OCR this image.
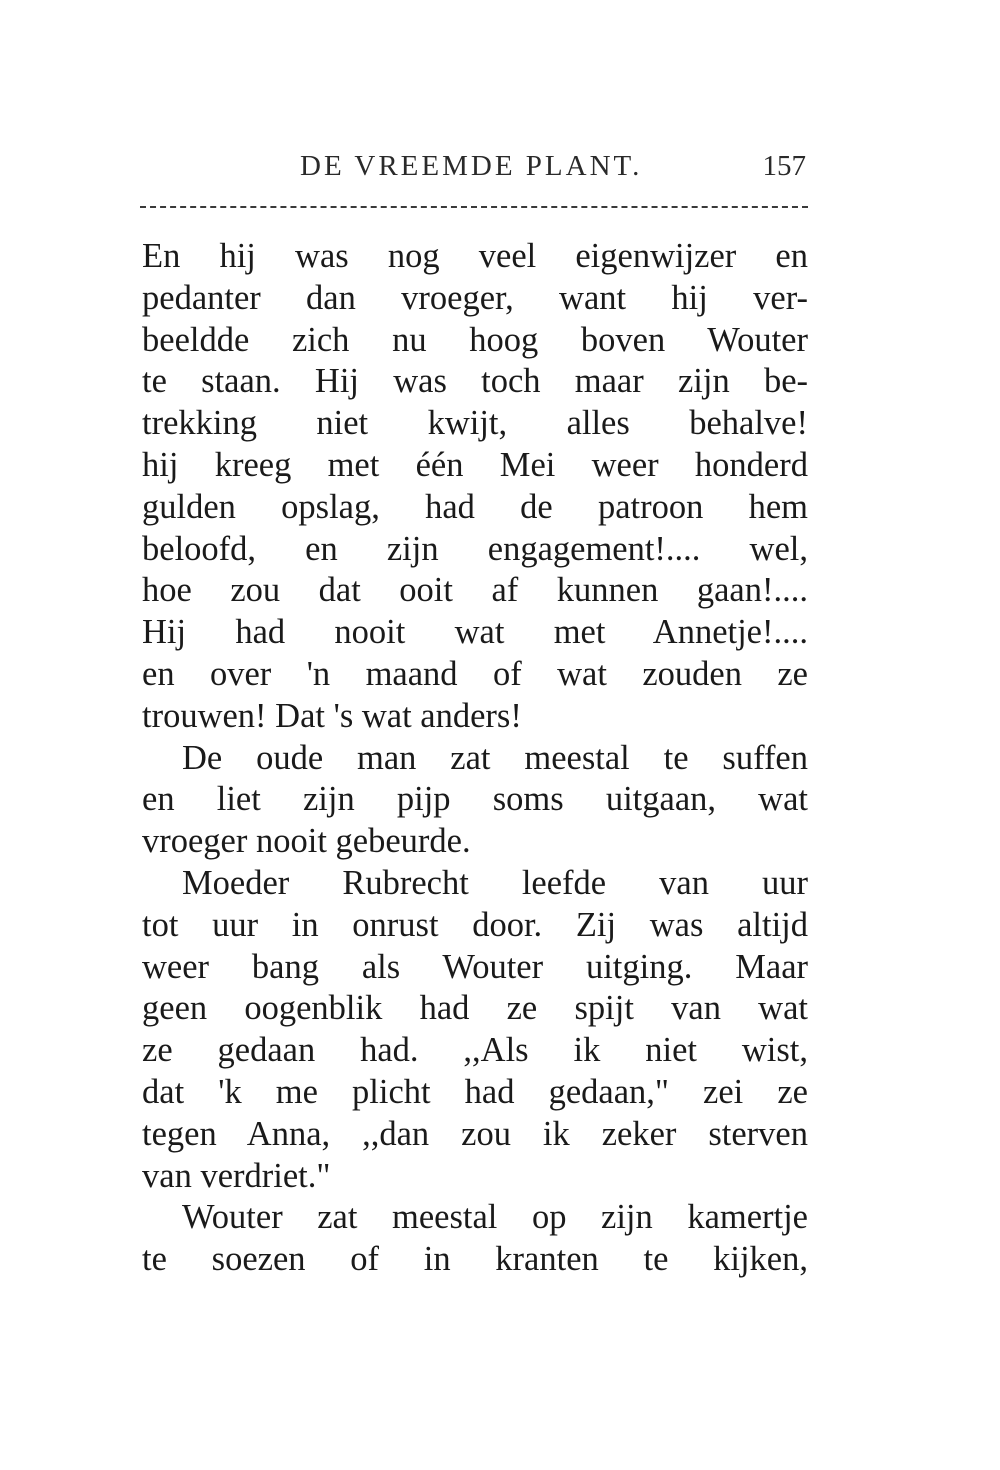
DE VREEMDE PLANT.	157
En hij was nog veel eigenwijzer en
pedanter dan vroeger, want hij ver-
beeldde zich nu hoog boven Wouter
te staan. Hij was toch maar zijn be-
trekking niet kwijt, alles behalve!
hij kreeg met één Mei weer honderd
gulden opslag, had de patroon hem
beloofd, en zijn engagement!.... wel,
hoe zou dat ooit af kunnen gaan!....
Hij had nooit wat met Annetje!....
en over 'n maand of wat zouden ze
trouwen! Dat 's wat anders!
De oude man zat meestal te suffen
en liet zijn pijp soms uitgaan, wat
vroeger nooit gebeurde.
Moeder Rubrecht leefde van uur
tot uur in onrust door. Zij was altijd
weer bang als Wouter uitging. Maar
geen oogenblik had ze spijt van wat
ze gedaan had. ,,Als ik niet wist,
dat 'k me plicht had gedaan," zei ze
tegen Anna, ,,dan zou ik zeker sterven
van verdriet."
Wouter zat meestal op zijn kamertje
te soezen of in kranten te kijken,
